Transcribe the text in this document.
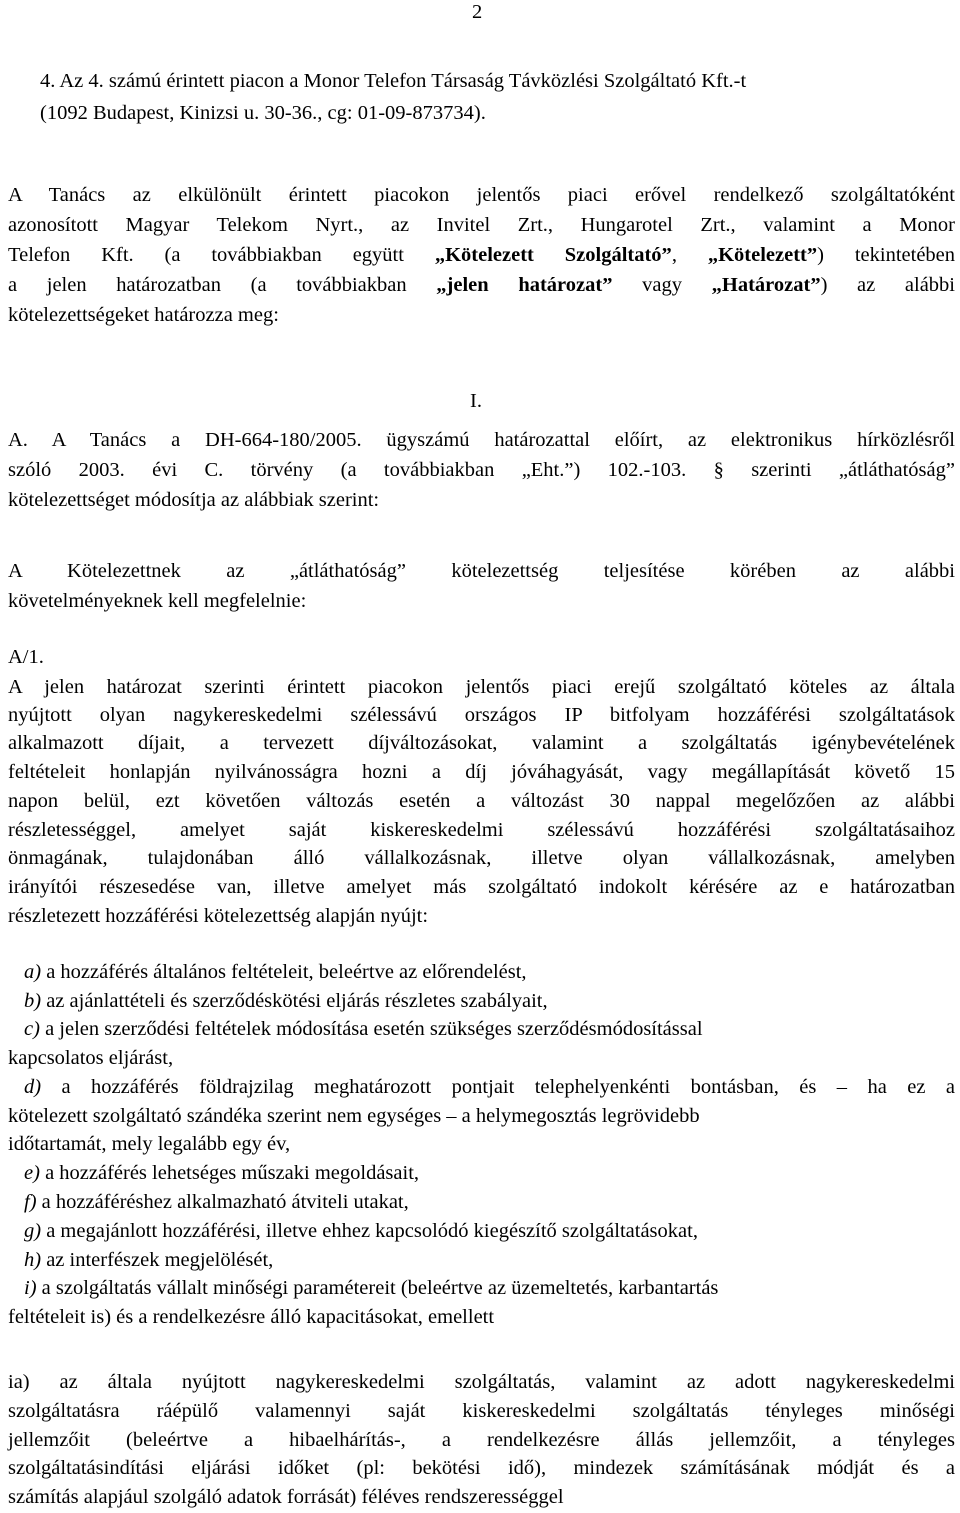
2
4. Az 4. számú érintett piacon a Monor Telefon Társaság Távközlési Szolgáltató Kft.-t
(1092 Budapest, Kinizsi u. 30-36., cg: 01-09-873734).
A Tanács az elkülönült érintett piacokon jelentős piaci erővel rendelkező szolgáltatóként
azonosított Magyar Telekom Nyrt., az Invitel Zrt., Hungarotel Zrt., valamint a Monor
Telefon Kft. (a továbbiakban együtt „Kötelezett Szolgáltató”, „Kötelezett”) tekintetében
a jelen határozatban (a továbbiakban „jelen határozat” vagy „Határozat”) az alábbi
kötelezettségeket határozza meg:
I.
A. A Tanács a DH-664-180/2005. ügyszámú határozattal előírt, az elektronikus hírközlésről
szóló 2003. évi C. törvény (a továbbiakban „Eht.”) 102.-103. § szerinti „átláthatóság”
kötelezettséget módosítja az alábbiak szerint:
A Kötelezettnek az „átláthatóság” kötelezettség teljesítése körében az alábbi
követelményeknek kell megfelelnie:
A/1.
A jelen határozat szerinti érintett piacokon jelentős piaci erejű szolgáltató köteles az általa
nyújtott olyan nagykereskedelmi szélessávú országos IP bitfolyam hozzáférési szolgáltatások
alkalmazott díjait, a tervezett díjváltozásokat, valamint a szolgáltatás igénybevételének
feltételeit honlapján nyilvánosságra hozni a díj jóváhagyását, vagy megállapítását követő 15
napon belül, ezt követően változás esetén a változást 30 nappal megelőzően az alábbi
részletességgel, amelyet saját kiskereskedelmi szélessávú hozzáférési szolgáltatásaihoz
önmagának, tulajdonában álló vállalkozásnak, illetve olyan vállalkozásnak, amelyben
irányítói részesedése van, illetve amelyet más szolgáltató indokolt kérésére az e határozatban
részletezett hozzáférési kötelezettség alapján nyújt:
a) a hozzáférés általános feltételeit, beleértve az előrendelést,
b) az ajánlattételi és szerződéskötési eljárás részletes szabályait,
c) a jelen szerződési feltételek módosítása esetén szükséges szerződésmódosítással
kapcsolatos eljárást,
d) a hozzáférés földrajzilag meghatározott pontjait telephelyenkénti bontásban, és – ha ez a
kötelezett szolgáltató szándéka szerint nem egységes – a helymegosztás legrövidebb
időtartamát, mely legalább egy év,
e) a hozzáférés lehetséges műszaki megoldásait,
f) a hozzáféréshez alkalmazható átviteli utakat,
g) a megajánlott hozzáférési, illetve ehhez kapcsolódó kiegészítő szolgáltatásokat,
h) az interfészek megjelölését,
i) a szolgáltatás vállalt minőségi paramétereit (beleértve az üzemeltetés, karbantartás
feltételeit is) és a rendelkezésre álló kapacitásokat, emellett
ia) az általa nyújtott nagykereskedelmi szolgáltatás, valamint az adott nagykereskedelmi
szolgáltatásra ráépülő valamennyi saját kiskereskedelmi szolgáltatás tényleges minőségi
jellemzőit (beleértve a hibaelhárítás-, a rendelkezésre állás jellemzőit, a tényleges
szolgáltatásindítási eljárási időket (pl: bekötési idő), mindezek számításának módját és a
számítás alapjául szolgáló adatok forrását) féléves rendszerességgel
